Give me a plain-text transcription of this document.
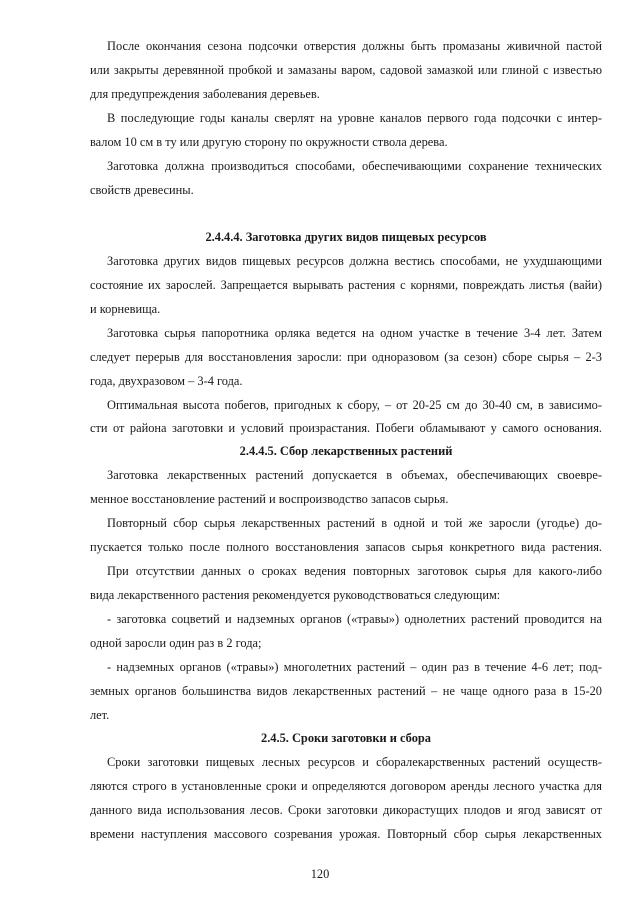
После окончания сезона подсочки отверстия должны быть промазаны живичной пастой
или закрыты деревянной пробкой и замазаны варом, садовой замазкой или глиной с известью
для предупреждения заболевания деревьев.
В последующие годы каналы сверлят на уровне каналов первого года подсочки с интер-
валом 10 см в ту или другую сторону по окружности ствола дерева.
Заготовка должна производиться способами, обеспечивающими сохранение технических
свойств древесины.
2.4.4.4. Заготовка других видов пищевых ресурсов
Заготовка других видов пищевых ресурсов должна вестись способами, не ухудшающими
состояние их зарослей. Запрещается вырывать растения с корнями, повреждать листья (вайи)
и корневища.
Заготовка сырья папоротника орляка ведется на одном участке в течение 3-4 лет. Затем
следует перерыв для восстановления заросли: при одноразовом (за сезон) сборе сырья – 2-3
года, двухразовом – 3-4 года.
Оптимальная высота побегов, пригодных к сбору, – от 20-25 см до 30-40 см, в зависимо-
сти от района заготовки и условий произрастания. Побеги обламывают у самого основания.
2.4.4.5. Сбор лекарственных растений
Заготовка лекарственных растений допускается в объемах, обеспечивающих своевре-
менное восстановление растений и воспроизводство запасов сырья.
Повторный сбор сырья лекарственных растений в одной и той же заросли (угодье) до-
пускается только после полного восстановления запасов сырья конкретного вида растения.
При отсутствии данных о сроках ведения повторных заготовок сырья для какого-либо
вида лекарственного растения рекомендуется руководствоваться следующим:
- заготовка соцветий и надземных органов («травы») однолетних растений проводится на
одной заросли один раз в 2 года;
- надземных органов («травы») многолетних растений – один раз в течение 4-6 лет; под-
земных органов большинства видов лекарственных растений – не чаще одного раза в 15-20
лет.
2.4.5. Сроки заготовки и сбора
Сроки заготовки пищевых лесных ресурсов и сборалекарственных растений осуществ-
ляются строго в установленные сроки и определяются договором аренды лесного участка для
данного вида использования лесов. Сроки заготовки дикорастущих плодов и ягод зависят от
времени наступления массового созревания урожая. Повторный сбор сырья лекарственных
120
